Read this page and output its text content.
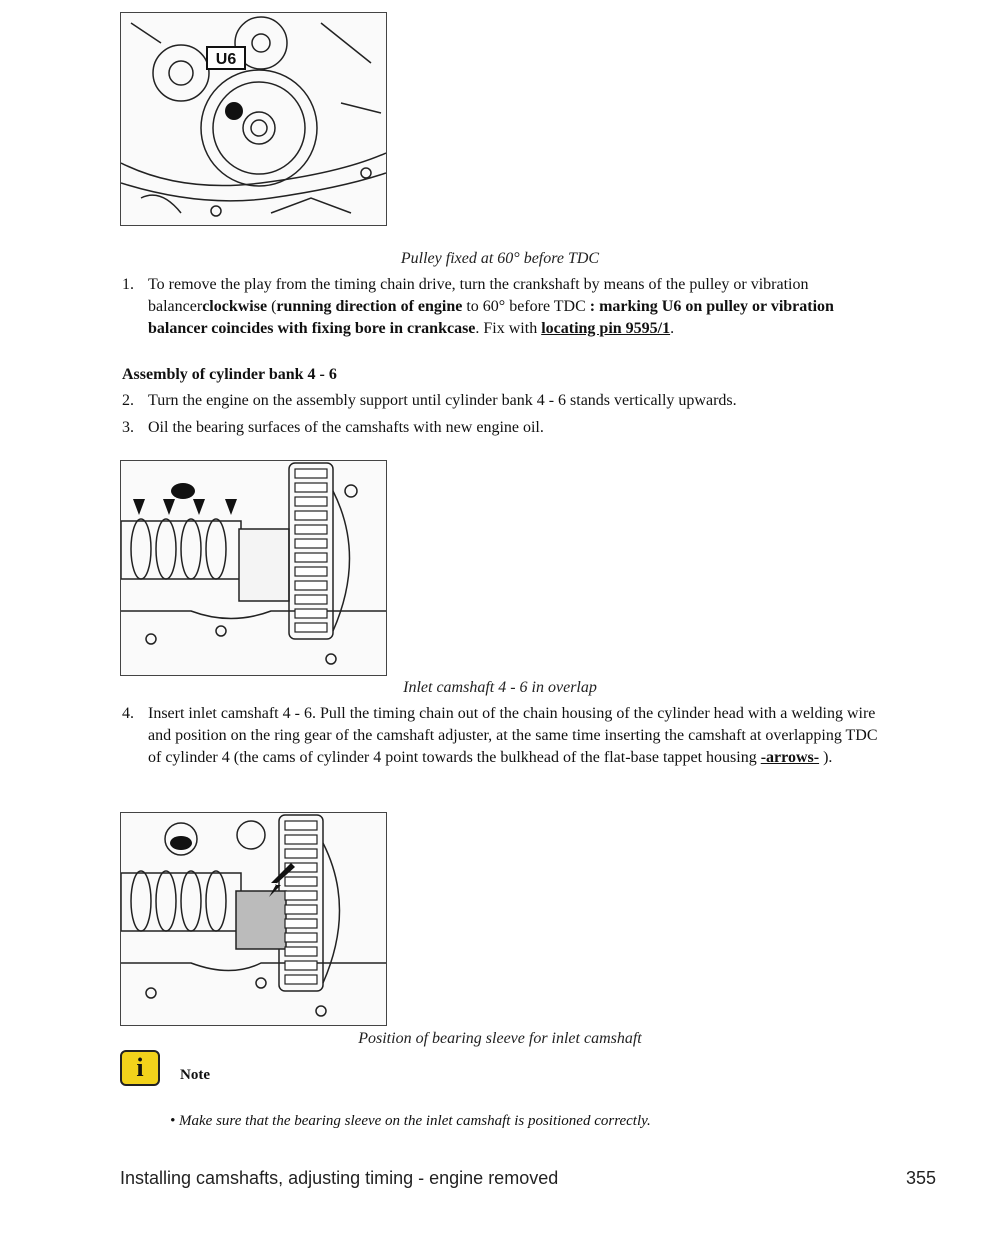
U6
Pulley fixed at 60° before TDC
1. To remove the play from the timing chain drive, turn the crankshaft by means of the pulley or vibration balancerclockwise (running direction of engine to 60° before TDC : marking U6 on pulley or vibration balancer coincides with fixing bore in crankcase. Fix with locating pin 9595/1.
Assembly of cylinder bank 4 - 6
2. Turn the engine on the assembly support until cylinder bank 4 - 6 stands vertically upwards.
3. Oil the bearing surfaces of the camshafts with new engine oil.
Inlet camshaft 4 - 6 in overlap
4. Insert inlet camshaft 4 - 6. Pull the timing chain out of the chain housing of the cylinder head with a welding wire and position on the ring gear of the camshaft adjuster, at the same time inserting the camshaft at overlapping TDC of cylinder 4 (the cams of cylinder 4 point towards the bulkhead of the flat-base tappet housing -arrows- ).
Position of bearing sleeve for inlet camshaft
i	Note
• Make sure that the bearing sleeve on the inlet camshaft is positioned correctly.
Installing camshafts, adjusting timing - engine removed	355
